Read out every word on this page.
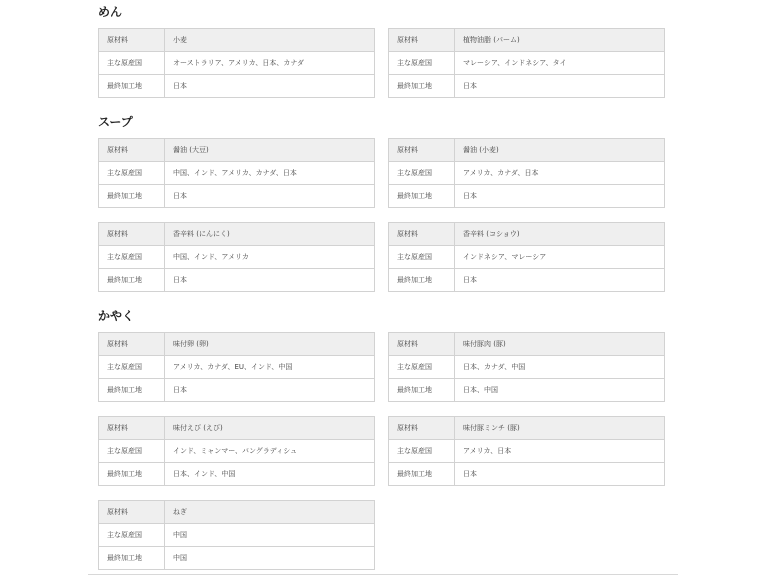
めん
原材料	小麦
主な原産国	オーストラリア、アメリカ、日本、カナダ
最終加工地	日本
原材料	植物油脂 (パーム)
主な原産国	マレーシア、インドネシア、タイ
最終加工地	日本
スープ
原材料	醤油 (大豆)
主な原産国	中国、インド、アメリカ、カナダ、日本
最終加工地	日本
原材料	醤油 (小麦)
主な原産国	アメリカ、カナダ、日本
最終加工地	日本
原材料	香辛料 (にんにく)
主な原産国	中国、インド、アメリカ
最終加工地	日本
原材料	香辛料 (コショウ)
主な原産国	インドネシア、マレーシア
最終加工地	日本
かやく
原材料	味付卵 (卵)
主な原産国	アメリカ、カナダ、EU、インド、中国
最終加工地	日本
原材料	味付豚肉 (豚)
主な原産国	日本、カナダ、中国
最終加工地	日本、中国
原材料	味付えび (えび)
主な原産国	インド、ミャンマー、バングラディシュ
最終加工地	日本、インド、中国
原材料	味付豚ミンチ (豚)
主な原産国	アメリカ、日本
最終加工地	日本
原材料	ねぎ
主な原産国	中国
最終加工地	中国
